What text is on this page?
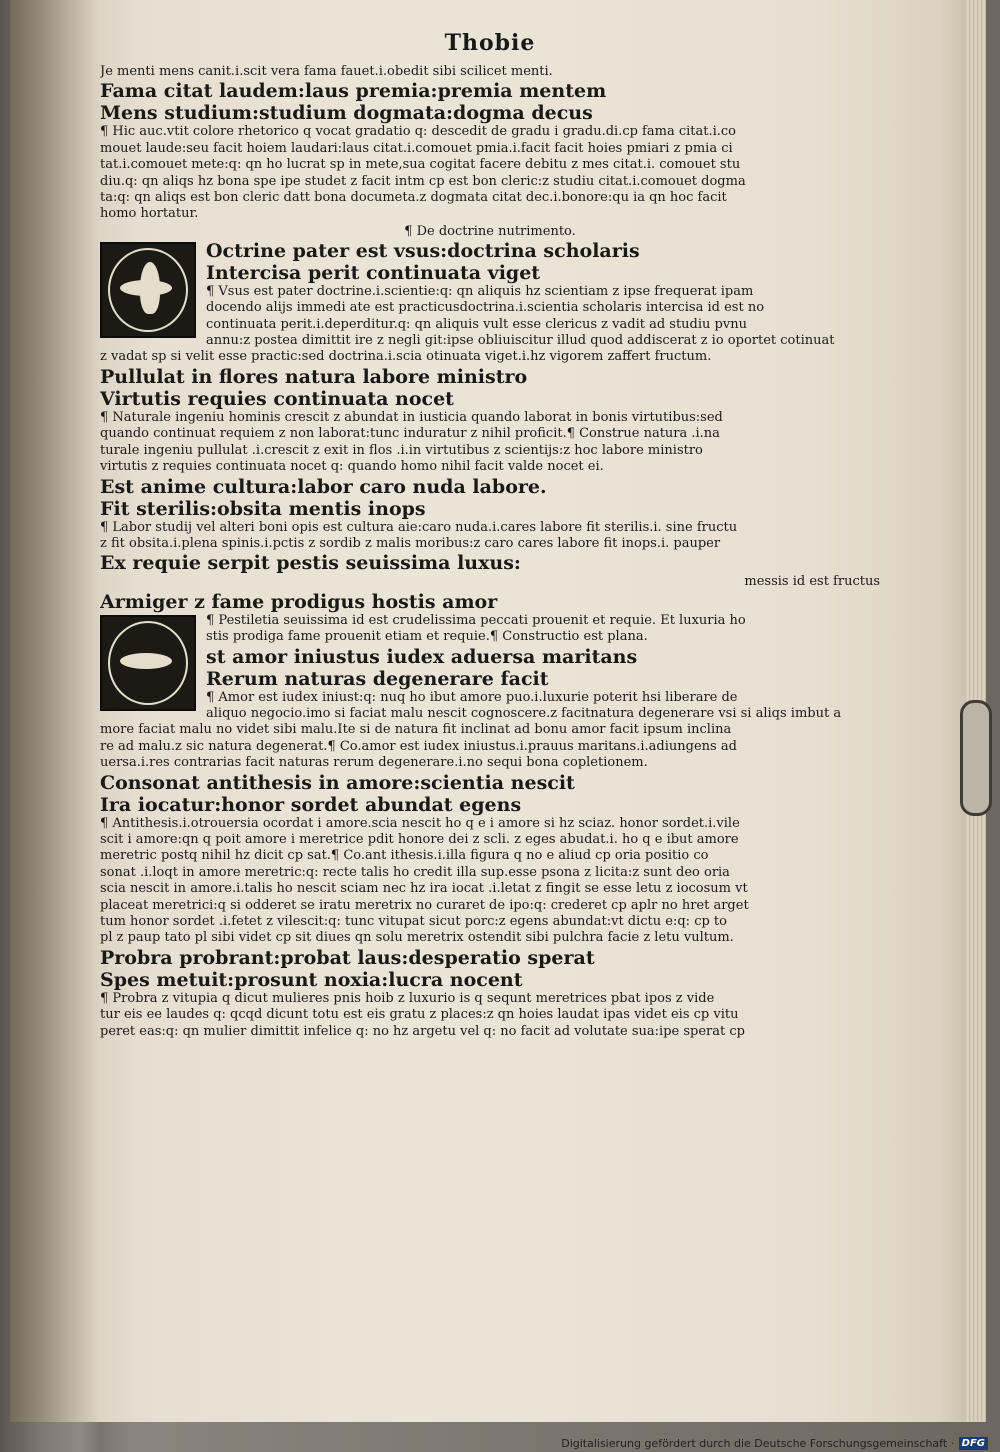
Thobie
Je menti mens canit.i.scit vera fama fauet.i.obedit sibi scilicet menti.
Fama citat laudem:laus premia:premia mentem
Mens studium:studium dogmata:dogma decus
¶ Hic auc.vtit colore rhetorico q vocat gradatio q: descedit de gradu i gradu.di.cp fama citat.i.co
mouet laude:seu facit hoiem laudari:laus citat.i.comouet pmia.i.facit facit hoies pmiari z pmia ci
tat.i.comouet mete:q: qn ho lucrat sp in mete,sua cogitat facere debitu z mes citat.i. comouet stu
diu.q: qn aliqs hz bona spe ipe studet z facit intm cp est bon cleric:z studiu citat.i.comouet dogma
ta:q: qn aliqs est bon cleric datt bona documeta.z dogmata citat dec.i.bonore:qu ia qn hoc facit
homo hortatur.
¶ De doctrine nutrimento.
Octrine pater est vsus:doctrina scholaris
Intercisa perit continuata viget
¶ Vsus est pater doctrine.i.scientie:q: qn aliquis hz scientiam z ipse frequerat ipam
docendo alijs immedi ate est practicusdoctrina.i.scientia scholaris intercisa id est no
continuata perit.i.deperditur.q: qn aliquis vult esse clericus z vadit ad studiu pvnu
annu:z postea dimittit ire z negli git:ipse obliuiscitur illud quod addiscerat z io oportet cotinuat
z vadat sp si velit esse practic:sed doctrina.i.scia otinuata viget.i.hz vigorem zaffert fructum.
Pullulat in flores natura labore ministro
Virtutis requies continuata nocet
¶ Naturale ingeniu hominis crescit z abundat in iusticia quando laborat in bonis virtutibus:sed
quando continuat requiem z non laborat:tunc induratur z nihil proficit.¶ Construe natura .i.na
turale ingeniu pullulat .i.crescit z exit in flos .i.in virtutibus z scientijs:z hoc labore ministro
virtutis z requies continuata nocet q: quando homo nihil facit valde nocet ei.
Est anime cultura:labor caro nuda labore.
Fit sterilis:obsita mentis inops
¶ Labor studij vel alteri boni opis est cultura aie:caro nuda.i.cares labore fit sterilis.i. sine fructu
z fit obsita.i.plena spinis.i.pctis z sordib z malis moribus:z caro cares labore fit inops.i. pauper
Ex requie serpit pestis seuissima luxus:
messis id est fructus
Armiger z fame prodigus hostis amor
¶ Pestiletia seuissima id est crudelissima peccati prouenit et requie. Et luxuria ho
stis prodiga fame prouenit etiam et requie.¶ Constructio est plana.
st amor iniustus iudex aduersa maritans
Rerum naturas degenerare facit
¶ Amor est iudex iniust:q: nuq ho ibut amore puo.i.luxurie poterit hsi liberare de
aliquo negocio.imo si faciat malu nescit cognoscere.z facitnatura degenerare vsi si aliqs imbut a
more faciat malu no videt sibi malu.Ite si de natura fit inclinat ad bonu amor facit ipsum inclina
re ad malu.z sic natura degenerat.¶ Co.amor est iudex iniustus.i.prauus maritans.i.adiungens ad
uersa.i.res contrarias facit naturas rerum degenerare.i.no sequi bona copletionem.
Consonat antithesis in amore:scientia nescit
Ira iocatur:honor sordet abundat egens
¶ Antithesis.i.otrouersia ocordat i amore.scia nescit ho q e i amore si hz sciaz. honor sordet.i.vile
scit i amore:qn q poit amore i meretrice pdit honore dei z scli. z eges abudat.i. ho q e ibut amore
meretric postq nihil hz dicit cp sat.¶ Co.ant ithesis.i.illa figura q no e aliud cp oria positio co
sonat .i.loqt in amore meretric:q: recte talis ho credit illa sup.esse psona z licita:z sunt deo oria
scia nescit in amore.i.talis ho nescit sciam nec hz ira iocat .i.letat z fingit se esse letu z iocosum vt
placeat meretrici:q si odderet se iratu meretrix no curaret de ipo:q: crederet cp aplr no hret arget
tum honor sordet .i.fetet z vilescit:q: tunc vitupat sicut porc:z egens abundat:vt dictu e:q: cp to
pl z paup tato pl sibi videt cp sit diues qn solu meretrix ostendit sibi pulchra facie z letu vultum.
Probra probrant:probat laus:desperatio sperat
Spes metuit:prosunt noxia:lucra nocent
¶ Probra z vitupia q dicut mulieres pnis hoib z luxurio is q sequnt meretrices pbat ipos z vide
tur eis ee laudes q: qcqd dicunt totu est eis gratu z places:z qn hoies laudat ipas videt eis cp vitu
peret eas:q: qn mulier dimittit infelice q: no hz argetu vel q: no facit ad volutate sua:ipe sperat cp
Digitalisierung gefördert durch die Deutsche Forschungsgemeinschaft · DFG
